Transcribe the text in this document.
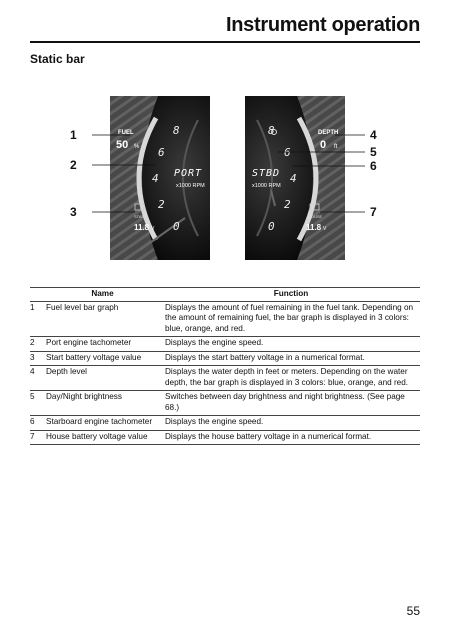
Instrument operation
Static bar
FUEL
50 %
8
6
4
2
0
PORT
x1000 RPM
START
11.8 V
DEPTH
0 ft
8
6
4
2
0
STBD
x1000 RPM
HOUSE
11.8 V
1
2
3
4
5
6
7
	Name	Function
1	Fuel level bar graph	Displays the amount of fuel remaining in the fuel tank. Depending on the amount of remaining fuel, the bar graph is displayed in 3 colors: blue, orange, and red.
2	Port engine tachometer	Displays the engine speed.
3	Start battery voltage value	Displays the start battery voltage in a numerical format.
4	Depth level	Displays the water depth in feet or meters. Depending on the water depth, the bar graph is displayed in 3 colors: blue, orange, and red.
5	Day/Night brightness	Switches between day brightness and night brightness. (See page 68.)
6	Starboard engine tachometer	Displays the engine speed.
7	House battery voltage value	Displays the house battery voltage in a numerical format.
55
